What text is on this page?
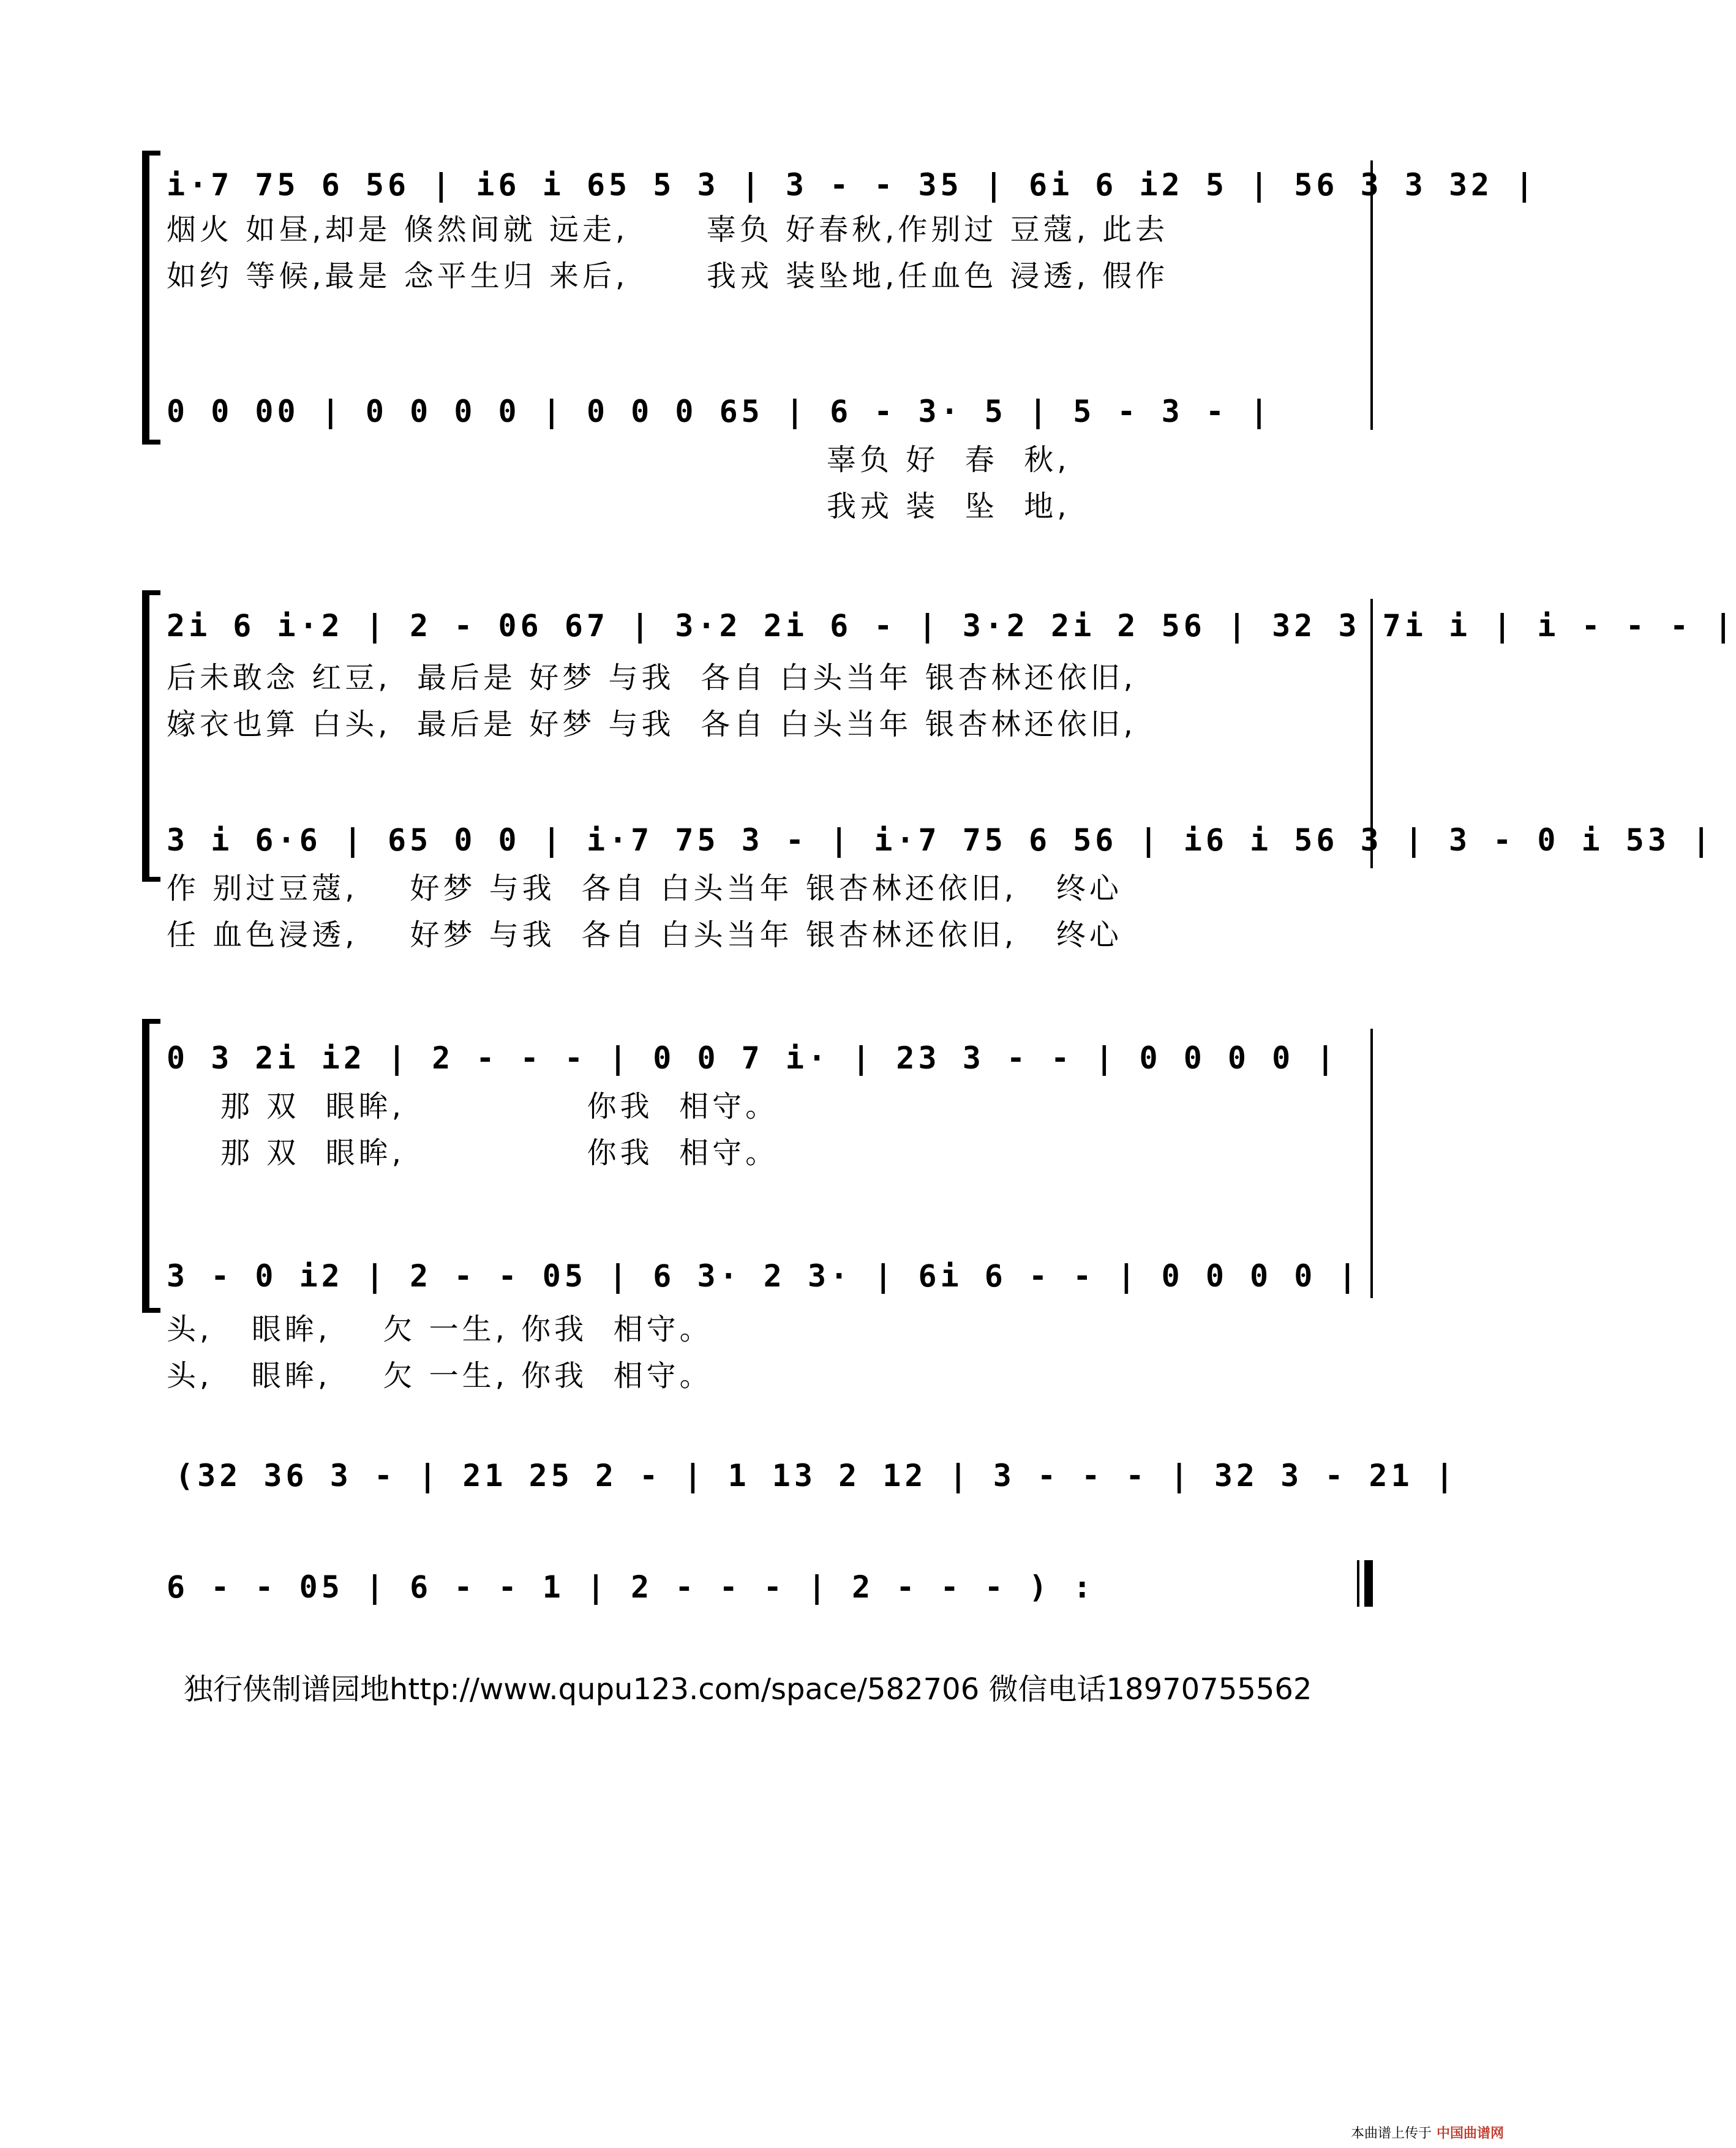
i·7 75 6 56 | i6 i 65 5 3 | 3 - - 35 | 6i 6 i2 5 | 56 3 3 32 |
烟火 如昼,却是 倏然间就 远走,      辜负 好春秋,作别过 豆蔻, 此去
如约 等候,最是 念平生归 来后,      我戎 装坠地,任血色 浸透, 假作
0 0 00 | 0 0 0 0 | 0 0 0 65 | 6 - 3· 5 | 5 - 3 - |
辜负 好  春  秋,
我戎 装  坠  地,
2i 6 i·2 | 2 - 06 67 | 3·2 2i 6 - | 3·2 2i 2 56 | 32 3 7i i | i - - - |
后未敢念 红豆,  最后是 好梦 与我  各自 白头当年 银杏林还依旧,
嫁衣也算 白头,  最后是 好梦 与我  各自 白头当年 银杏林还依旧,
3 i 6·6 | 65 0 0 | i·7 75 3 - | i·7 75 6 56 | i6 i 56 3 | 3 - 0 i 53 |
作 别过豆蔻,    好梦 与我  各自 白头当年 银杏林还依旧,   终心
任 血色浸透,    好梦 与我  各自 白头当年 银杏林还依旧,   终心
0 3 2i i2 | 2 - - - | 0 0 7 i· | 23 3 - - | 0 0 0 0 |
那 双  眼眸,              你我  相守。
那 双  眼眸,              你我  相守。
3 - 0 i2 | 2 - - 05 | 6 3· 2 3· | 6i 6 - - | 0 0 0 0 |
头,   眼眸,    欠 一生, 你我  相守。
头,   眼眸,    欠 一生, 你我  相守。
(32 36 3 - | 21 25 2 - | 1 13 2 12 | 3 - - - | 32 3 - 21 |
6 - - 05 | 6 - - 1 | 2 - - - | 2 - - - ) :
独行侠制谱园地http://www.qupu123.com/space/582706 微信电话18970755562
本曲谱上传于 中国曲谱网
